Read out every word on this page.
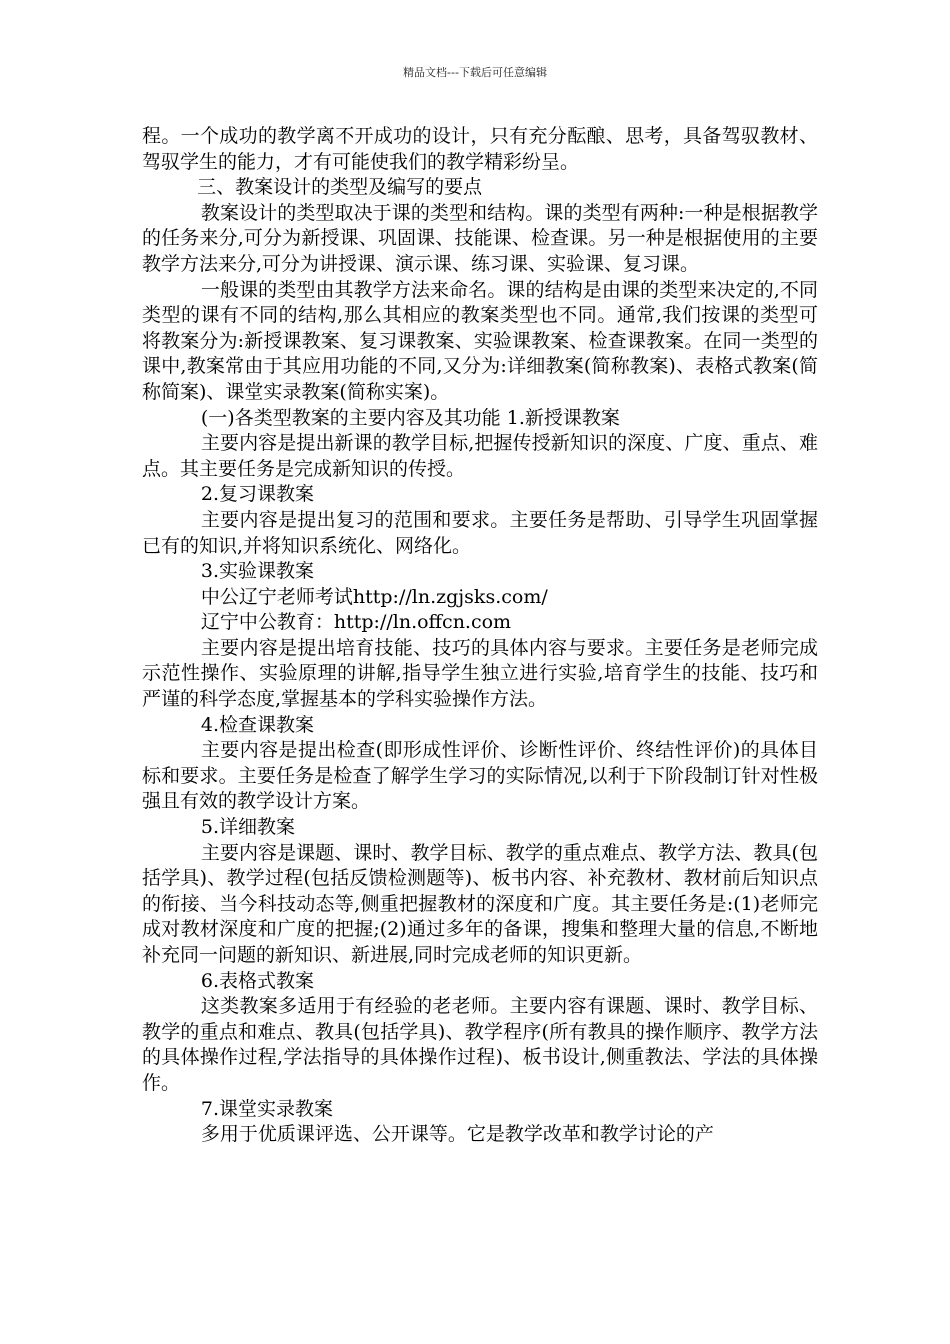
精品文档---下载后可任意编辑

程。一个成功的教学离不开成功的设计，只有充分酝酿、思考，具备驾驭教材、驾驭学生的能力，才有可能使我们的教学精彩纷呈。

三、教案设计的类型及编写的要点

教案设计的类型取决于课的类型和结构。课的类型有两种:一种是根据教学的任务来分,可分为新授课、巩固课、技能课、检查课。另一种是根据使用的主要教学方法来分,可分为讲授课、演示课、练习课、实验课、复习课。

一般课的类型由其教学方法来命名。课的结构是由课的类型来决定的,不同类型的课有不同的结构,那么其相应的教案类型也不同。通常,我们按课的类型可将教案分为:新授课教案、复习课教案、实验课教案、检查课教案。在同一类型的课中,教案常由于其应用功能的不同,又分为:详细教案(简称教案)、表格式教案(简称简案)、课堂实录教案(简称实案)。

(一)各类型教案的主要内容及其功能 1.新授课教案

主要内容是提出新课的教学目标,把握传授新知识的深度、广度、重点、难点。其主要任务是完成新知识的传授。

2.复习课教案

主要内容是提出复习的范围和要求。主要任务是帮助、引导学生巩固掌握已有的知识,并将知识系统化、网络化。

3.实验课教案

中公辽宁老师考试http://ln.zgjsks.com/

辽宁中公教育：http://ln.offcn.com

主要内容是提出培育技能、技巧的具体内容与要求。主要任务是老师完成示范性操作、实验原理的讲解,指导学生独立进行实验,培育学生的技能、技巧和严谨的科学态度,掌握基本的学科实验操作方法。

4.检查课教案

主要内容是提出检查(即形成性评价、诊断性评价、终结性评价)的具体目标和要求。主要任务是检查了解学生学习的实际情况,以利于下阶段制订针对性极强且有效的教学设计方案。

5.详细教案

主要内容是课题、课时、教学目标、教学的重点难点、教学方法、教具(包括学具)、教学过程(包括反馈检测题等)、板书内容、补充教材、教材前后知识点的衔接、当今科技动态等,侧重把握教材的深度和广度。其主要任务是:(1)老师完成对教材深度和广度的把握;(2)通过多年的备课，搜集和整理大量的信息,不断地补充同一问题的新知识、新进展,同时完成老师的知识更新。

6.表格式教案

这类教案多适用于有经验的老老师。主要内容有课题、课时、教学目标、教学的重点和难点、教具(包括学具)、教学程序(所有教具的操作顺序、教学方法的具体操作过程,学法指导的具体操作过程)、板书设计,侧重教法、学法的具体操作。

7.课堂实录教案

多用于优质课评选、公开课等。它是教学改革和教学讨论的产
